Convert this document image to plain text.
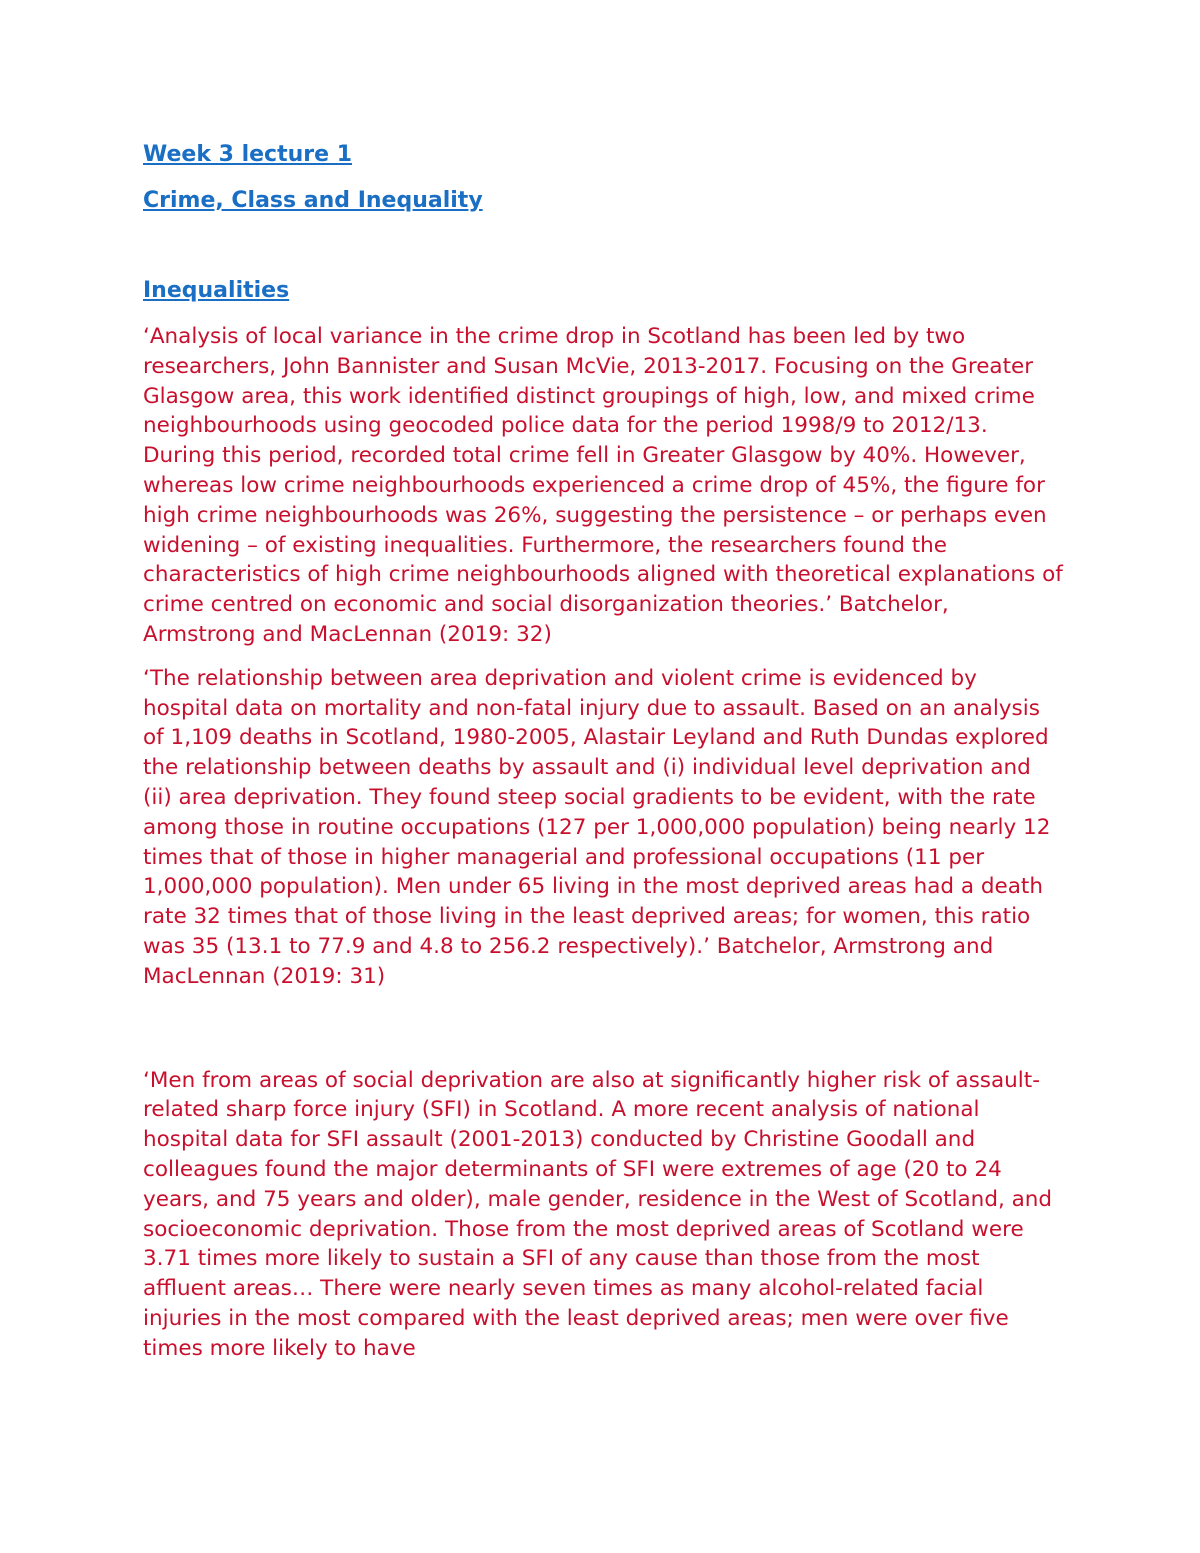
Week 3 lecture 1

Crime, Class and Inequality

Inequalities

‘Analysis of local variance in the crime drop in Scotland has been led by two researchers, John Bannister and Susan McVie, 2013-2017. Focusing on the Greater Glasgow area, this work identified distinct groupings of high, low, and mixed crime neighbourhoods using geocoded police data for the period 1998/9 to 2012/13. During this period, recorded total crime fell in Greater Glasgow by 40%. However, whereas low crime neighbourhoods experienced a crime drop of 45%, the figure for high crime neighbourhoods was 26%, suggesting the persistence – or perhaps even widening – of existing inequalities. Furthermore, the researchers found the characteristics of high crime neighbourhoods aligned with theoretical explanations of crime centred on economic and social disorganization theories.’ Batchelor, Armstrong and MacLennan (2019: 32)

‘The relationship between area deprivation and violent crime is evidenced by hospital data on mortality and non-fatal injury due to assault. Based on an analysis of 1,109 deaths in Scotland, 1980-2005, Alastair Leyland and Ruth Dundas explored the relationship between deaths by assault and (i) individual level deprivation and (ii) area deprivation. They found steep social gradients to be evident, with the rate among those in routine occupations (127 per 1,000,000 population) being nearly 12 times that of those in higher managerial and professional occupations (11 per 1,000,000 population). Men under 65 living in the most deprived areas had a death rate 32 times that of those living in the least deprived areas; for women, this ratio was 35 (13.1 to 77.9 and 4.8 to 256.2 respectively).’ Batchelor, Armstrong and MacLennan (2019: 31)

‘Men from areas of social deprivation are also at significantly higher risk of assault-related sharp force injury (SFI) in Scotland. A more recent analysis of national hospital data for SFI assault (2001-2013) conducted by Christine Goodall and colleagues found the major determinants of SFI were extremes of age (20 to 24 years, and 75 years and older), male gender, residence in the West of Scotland, and socioeconomic deprivation. Those from the most deprived areas of Scotland were 3.71 times more likely to sustain a SFI of any cause than those from the most affluent areas… There were nearly seven times as many alcohol-related facial injuries in the most compared with the least deprived areas; men were over five times more likely to have
